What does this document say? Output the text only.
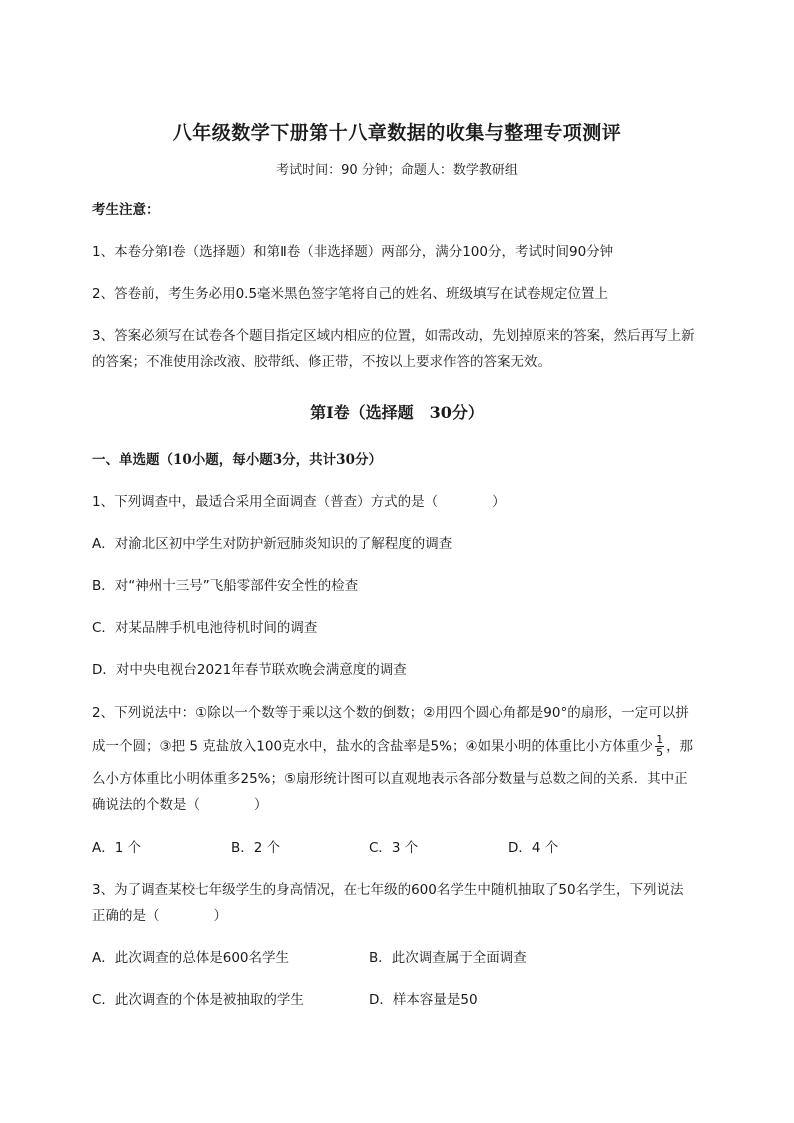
八年级数学下册第十八章数据的收集与整理专项测评
考试时间：90 分钟；命题人：数学教研组
考生注意：
1、本卷分第Ⅰ卷（选择题）和第Ⅱ卷（非选择题）两部分，满分100分，考试时间90分钟
2、答卷前，考生务必用0.5毫米黑色签字笔将自己的姓名、班级填写在试卷规定位置上
3、答案必须写在试卷各个题目指定区域内相应的位置，如需改动，先划掉原来的答案，然后再写上新
的答案；不准使用涂改液、胶带纸、修正带，不按以上要求作答的答案无效。
第Ⅰ卷（选择题　30分）
一、单选题（10小题，每小题3分，共计30分）
1、下列调查中，最适合采用全面调查（普查）方式的是（　　　　）
A．对渝北区初中学生对防护新冠肺炎知识的了解程度的调查
B．对“神州十三号”飞船零部件安全性的检查
C．对某品牌手机电池待机时间的调查
D．对中央电视台2021年春节联欢晚会满意度的调查
2、下列说法中：①除以一个数等于乘以这个数的倒数；②用四个圆心角都是90°的扇形，一定可以拼
成一个圆；③把 5 克盐放入100克水中，盐水的含盐率是5%；④如果小明的体重比小方体重少 $\frac{1}{5}$ ，那
么小方体重比小明体重多25%；⑤扇形统计图可以直观地表示各部分数量与总数之间的关系．其中正
确说法的个数是（　　　　）
A．1 个	B．2 个	C．3 个	D．4 个
3、为了调查某校七年级学生的身高情况，在七年级的600名学生中随机抽取了50名学生，下列说法
正确的是（　　　　）
A．此次调查的总体是600名学生	B．此次调查属于全面调查
C．此次调查的个体是被抽取的学生	D．样本容量是50
